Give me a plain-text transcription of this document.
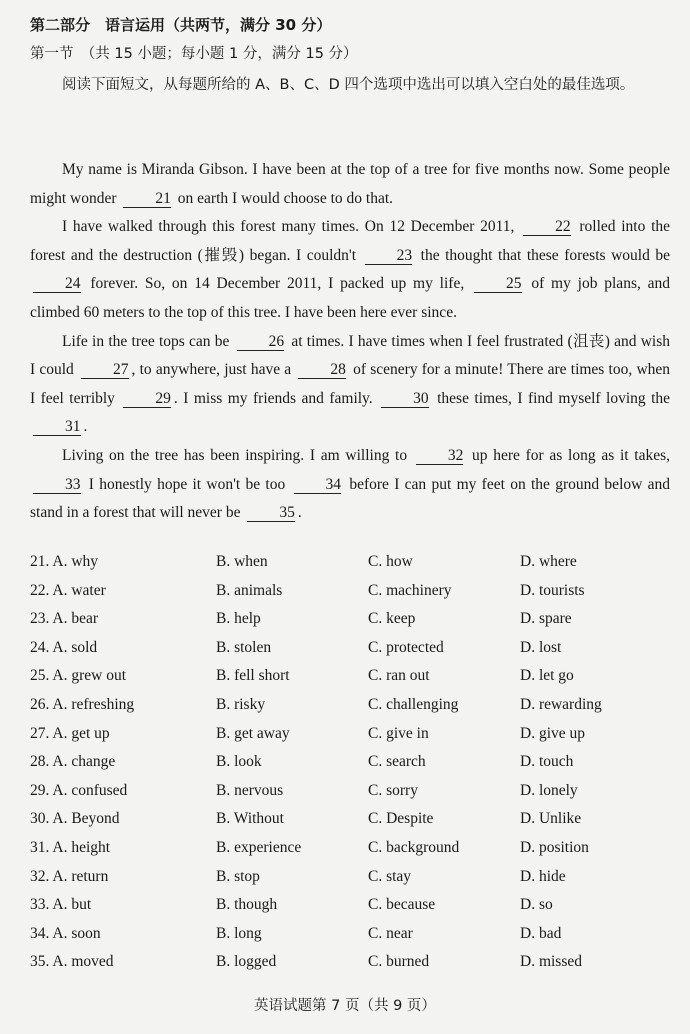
第二部分　语言运用（共两节，满分 30 分）
第一节　（共 15 小题；每小题 1 分，满分 15 分）
阅读下面短文，从每题所给的 A、B、C、D 四个选项中选出可以填入空白处的最佳选项。

My name is Miranda Gibson. I have been at the top of a tree for five months now. Some people might wonder	21 on earth I would choose to do that.

I have walked through this forest many times. On 12 December 2011,	22 rolled into the forest and the destruction (摧毁) began. I couldn't	23 the thought that these forests would be 24 forever. So, on 14 December 2011, I packed up my life,	25 of my job plans, and climbed 60 meters to the top of this tree. I have been here ever since.

Life in the tree tops can be	26 at times. I have times when I feel frustrated (沮丧) and wish I could	27 , to anywhere, just have a	28 of scenery for a minute! There are times too, when I feel terribly	29 . I miss my friends and family.	30 these times, I find myself loving the 31 .

Living on the tree has been inspiring. I am willing to	32 up here for as long as it takes, 33 I honestly hope it won't be too	34 before I can put my feet on the ground below and stand in a forest that will never be	35 .

21. A. why	B. when	C. how	D. where
22. A. water	B. animals	C. machinery	D. tourists
23. A. bear	B. help	C. keep	D. spare
24. A. sold	B. stolen	C. protected	D. lost
25. A. grew out	B. fell short	C. ran out	D. let go
26. A. refreshing	B. risky	C. challenging	D. rewarding
27. A. get up	B. get away	C. give in	D. give up
28. A. change	B. look	C. search	D. touch
29. A. confused	B. nervous	C. sorry	D. lonely
30. A. Beyond	B. Without	C. Despite	D. Unlike
31. A. height	B. experience	C. background	D. position
32. A. return	B. stop	C. stay	D. hide
33. A. but	B. though	C. because	D. so
34. A. soon	B. long	C. near	D. bad
35. A. moved	B. logged	C. burned	D. missed
英语试题第 7 页（共 9 页）
